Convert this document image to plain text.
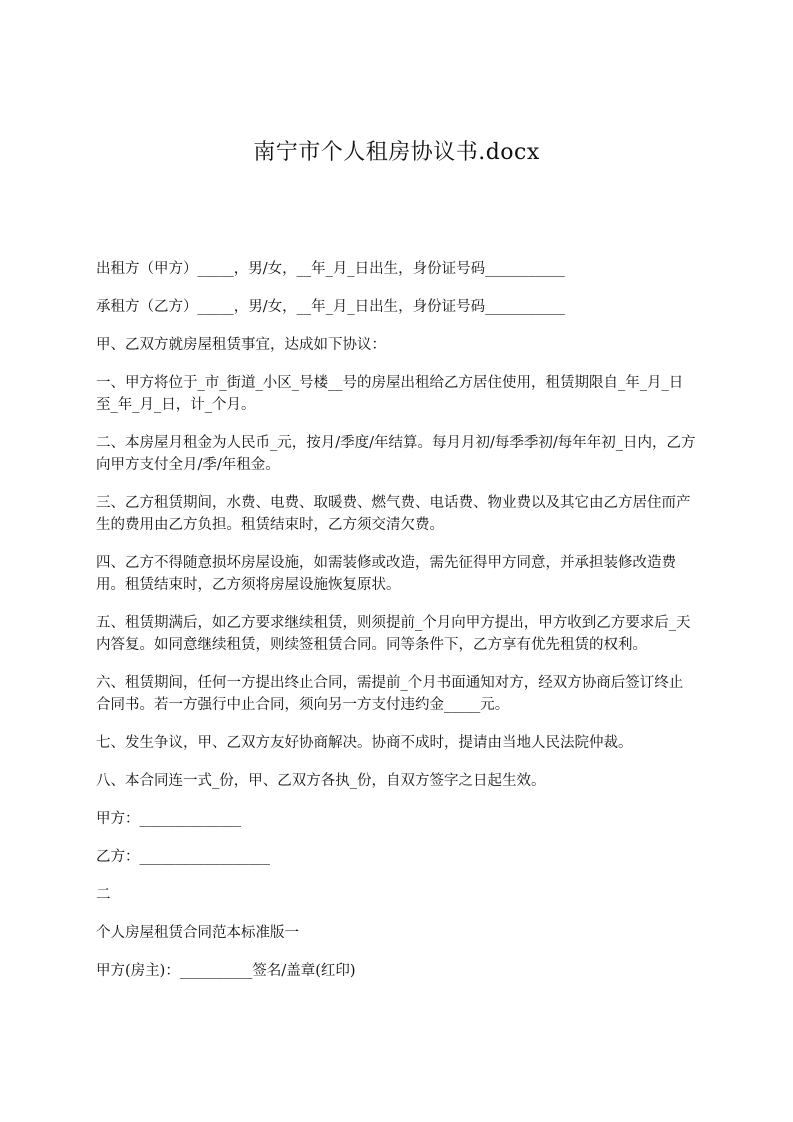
南宁市个人租房协议书.docx

出租方（甲方）_____，男/女，__年_月_日出生，身份证号码___________

承租方（乙方）_____，男/女，__年_月_日出生，身份证号码___________

甲、乙双方就房屋租赁事宜，达成如下协议：

一、甲方将位于_市_街道_小区_号楼__号的房屋出租给乙方居住使用，租赁期限自_年_月_日至_年_月_日，计_个月。

二、本房屋月租金为人民币_元，按月/季度/年结算。每月月初/每季季初/每年年初_日内，乙方向甲方支付全月/季/年租金。

三、乙方租赁期间，水费、电费、取暖费、燃气费、电话费、物业费以及其它由乙方居住而产生的费用由乙方负担。租赁结束时，乙方须交清欠费。

四、乙方不得随意损坏房屋设施，如需装修或改造，需先征得甲方同意，并承担装修改造费用。租赁结束时，乙方须将房屋设施恢复原状。

五、租赁期满后，如乙方要求继续租赁，则须提前_个月向甲方提出，甲方收到乙方要求后_天内答复。如同意继续租赁，则续签租赁合同。同等条件下，乙方享有优先租赁的权利。

六、租赁期间，任何一方提出终止合同，需提前_个月书面通知对方，经双方协商后签订终止合同书。若一方强行中止合同，须向另一方支付违约金_____元。

七、发生争议，甲、乙双方友好协商解决。协商不成时，提请由当地人民法院仲裁。

八、本合同连一式_份，甲、乙双方各执_份，自双方签字之日起生效。

甲方：______________

乙方：__________________

二

个人房屋租赁合同范本标准版一

甲方(房主)：__________签名/盖章(红印)
